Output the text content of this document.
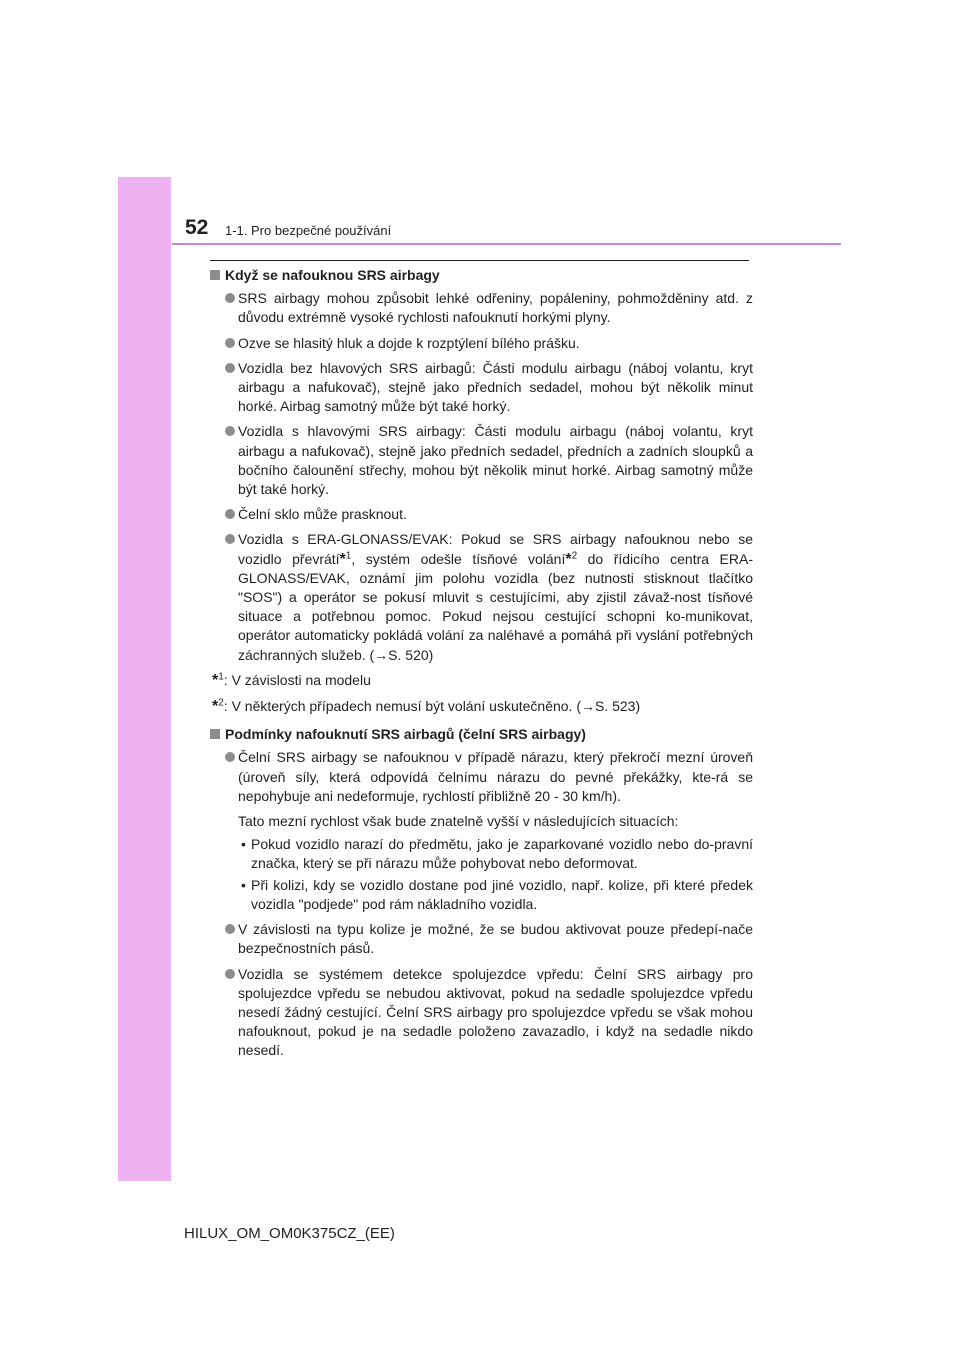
52 1-1. Pro bezpečné používání
Když se nafouknou SRS airbagy
SRS airbagy mohou způsobit lehké odřeniny, popáleniny, pohmožděniny atd. z důvodu extrémně vysoké rychlosti nafouknutí horkými plyny.
Ozve se hlasitý hluk a dojde k rozptýlení bílého prášku.
Vozidla bez hlavových SRS airbagů: Části modulu airbagu (náboj volantu, kryt airbagu a nafukovač), stejně jako předních sedadel, mohou být několik minut horké. Airbag samotný může být také horký.
Vozidla s hlavovými SRS airbagy: Části modulu airbagu (náboj volantu, kryt airbagu a nafukovač), stejně jako předních sedadel, předních a zadních sloupků a bočního čalounění střechy, mohou být několik minut horké. Airbag samotný může být také horký.
Čelní sklo může prasknout.
Vozidla s ERA-GLONASS/EVAK: Pokud se SRS airbagy nafouknou nebo se vozidlo převrátí*$^1$, systém odešle tísňové volání*$^2$ do řídicího centra ERA-GLONASS/EVAK, oznámí jim polohu vozidla (bez nutnosti stisknout tlačítko "SOS") a operátor se pokusí mluvit s cestujícími, aby zjistil závaž-nost tísňové situace a potřebnou pomoc. Pokud nejsou cestující schopni ko-munikovat, operátor automaticky pokládá volání za naléhavé a pomáhá při vyslání potřebných záchranných služeb. (→S. 520)
*$^1$: V závislosti na modelu
*$^2$: V některých případech nemusí být volání uskutečněno. (→S. 523)
Podmínky nafouknutí SRS airbagů (čelní SRS airbagy)
Čelní SRS airbagy se nafouknou v případě nárazu, který překročí mezní úroveň (úroveň síly, která odpovídá čelnímu nárazu do pevné překážky, kte-rá se nepohybuje ani nedeformuje, rychlostí přibližně 20 - 30 km/h).
Tato mezní rychlost však bude znatelně vyšší v následujících situacích:
• Pokud vozidlo narazí do předmětu, jako je zaparkované vozidlo nebo do-pravní značka, který se při nárazu může pohybovat nebo deformovat.
• Při kolizi, kdy se vozidlo dostane pod jiné vozidlo, např. kolize, při které předek vozidla "podjede" pod rám nákladního vozidla.
V závislosti na typu kolize je možné, že se budou aktivovat pouze předepí-nače bezpečnostních pásů.
Vozidla se systémem detekce spolujezdce vpředu: Čelní SRS airbagy pro spolujezdce vpředu se nebudou aktivovat, pokud na sedadle spolujezdce vpředu nesedí žádný cestující. Čelní SRS airbagy pro spolujezdce vpředu se však mohou nafouknout, pokud je na sedadle položeno zavazadlo, i když na sedadle nikdo nesedí.
HILUX_OM_OM0K375CZ_(EE)
